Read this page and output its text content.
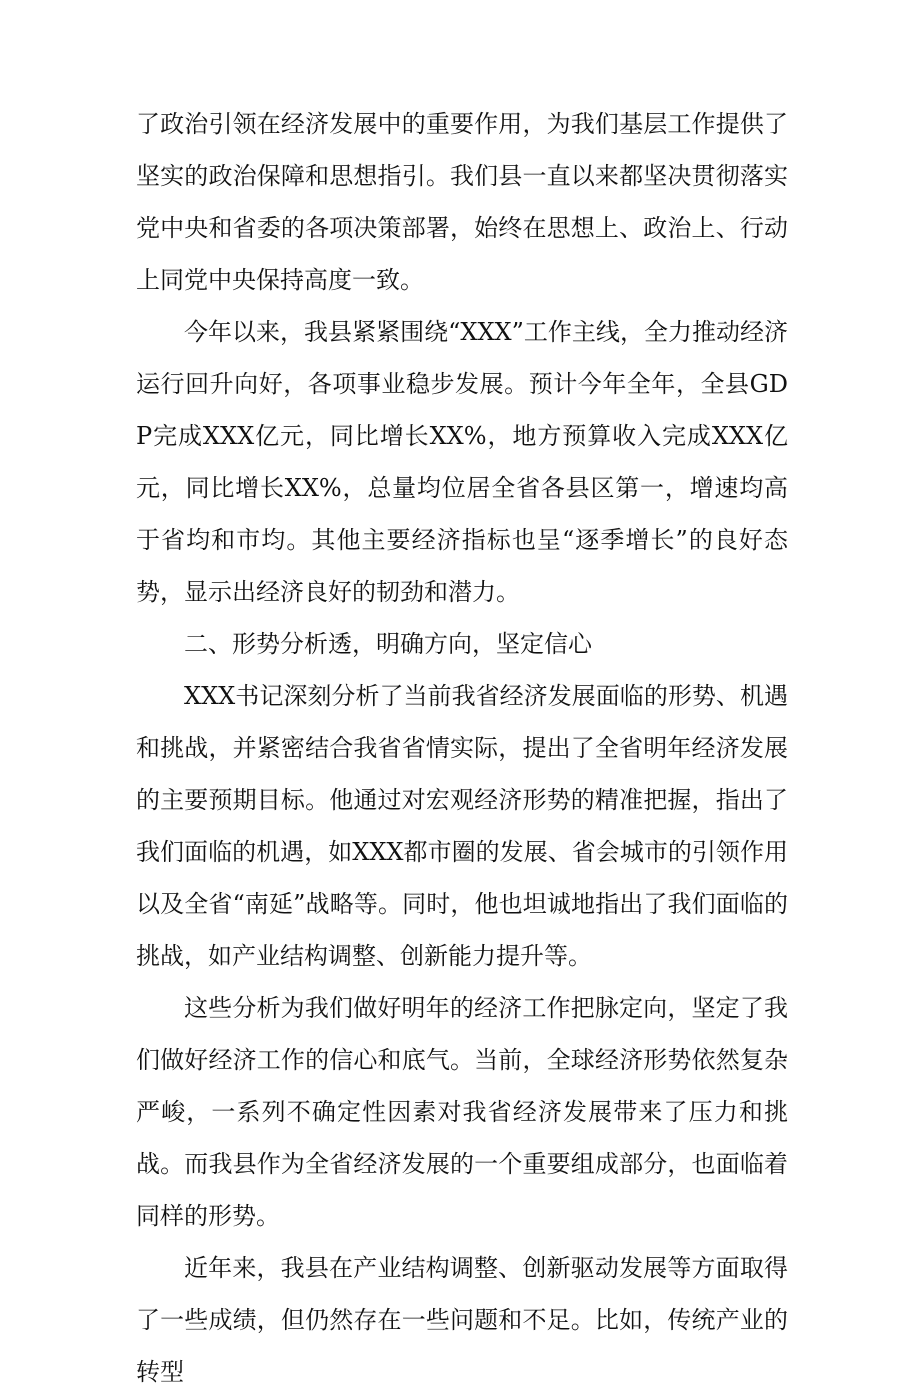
了政治引领在经济发展中的重要作用，为我们基层工作提供了坚实的政治保障和思想指引。我们县一直以来都坚决贯彻落实党中央和省委的各项决策部署，始终在思想上、政治上、行动上同党中央保持高度一致。

今年以来，我县紧紧围绕“XXX”工作主线，全力推动经济运行回升向好，各项事业稳步发展。预计今年全年，全县GDP完成XXX亿元，同比增长XX%，地方预算收入完成XXX亿元，同比增长XX%，总量均位居全省各县区第一，增速均高于省均和市均。其他主要经济指标也呈“逐季增长”的良好态势，显示出经济良好的韧劲和潜力。

二、形势分析透，明确方向，坚定信心

XXX书记深刻分析了当前我省经济发展面临的形势、机遇和挑战，并紧密结合我省省情实际，提出了全省明年经济发展的主要预期目标。他通过对宏观经济形势的精准把握，指出了我们面临的机遇，如XXX都市圈的发展、省会城市的引领作用以及全省“南延”战略等。同时，他也坦诚地指出了我们面临的挑战，如产业结构调整、创新能力提升等。

这些分析为我们做好明年的经济工作把脉定向，坚定了我们做好经济工作的信心和底气。当前，全球经济形势依然复杂严峻，一系列不确定性因素对我省经济发展带来了压力和挑战。而我县作为全省经济发展的一个重要组成部分，也面临着同样的形势。

近年来，我县在产业结构调整、创新驱动发展等方面取得了一些成绩，但仍然存在一些问题和不足。比如，传统产业的转型
